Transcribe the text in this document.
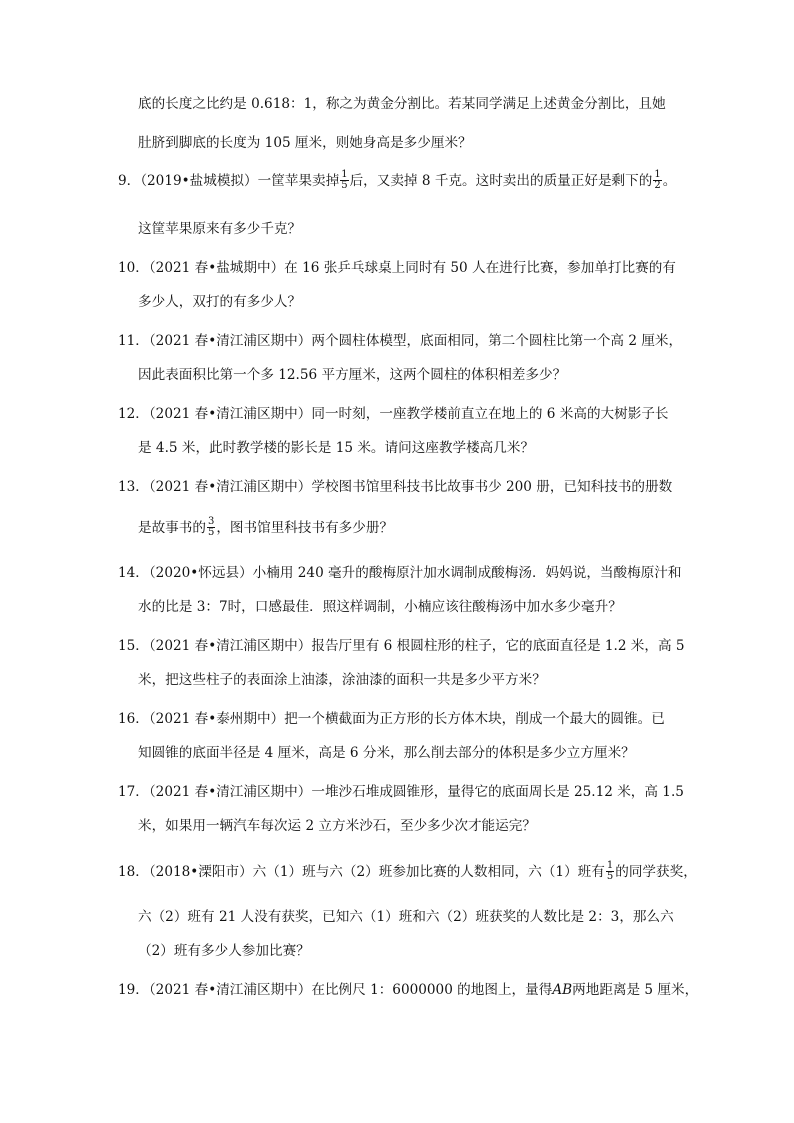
底的长度之比约是 0.618：1，称之为黄金分割比。若某同学满足上述黄金分割比，且她
肚脐到脚底的长度为 105 厘米，则她身高是多少厘米？
9．（2019•盐城模拟）一筐苹果卖掉 $\frac{1}{5}$ 后，又卖掉 8 千克。这时卖出的质量正好是剩下的 $\frac{1}{2}$ 。
这筐苹果原来有多少千克？
10．（2021 春•盐城期中）在 16 张乒乓球桌上同时有 50 人在进行比赛，参加单打比赛的有
多少人，双打的有多少人？
11．（2021 春•清江浦区期中）两个圆柱体模型，底面相同，第二个圆柱比第一个高 2 厘米，
因此表面积比第一个多 12.56 平方厘米，这两个圆柱的体积相差多少？
12．（2021 春•清江浦区期中）同一时刻，一座教学楼前直立在地上的 6 米高的大树影子长
是 4.5 米，此时教学楼的影长是 15 米。请问这座教学楼高几米？
13．（2021 春•清江浦区期中）学校图书馆里科技书比故事书少 200 册，已知科技书的册数
是故事书的 $\frac{3}{5}$ ，图书馆里科技书有多少册？
14．（2020•怀远县）小楠用 240 毫升的酸梅原汁加水调制成酸梅汤．妈妈说，当酸梅原汁和
水的比是 3：7时，口感最佳．照这样调制，小楠应该往酸梅汤中加水多少毫升？
15．（2021 春•清江浦区期中）报告厅里有 6 根圆柱形的柱子，它的底面直径是 1.2 米，高 5
米，把这些柱子的表面涂上油漆，涂油漆的面积一共是多少平方米？
16．（2021 春•泰州期中）把一个横截面为正方形的长方体木块，削成一个最大的圆锥。已
知圆锥的底面半径是 4 厘米，高是 6 分米，那么削去部分的体积是多少立方厘米？
17．（2021 春•清江浦区期中）一堆沙石堆成圆锥形，量得它的底面周长是 25.12 米，高 1.5
米，如果用一辆汽车每次运 2 立方米沙石，至少多少次才能运完？
18．（2018•溧阳市）六（1）班与六（2）班参加比赛的人数相同，六（1）班有 $\frac{1}{5}$ 的同学获奖，
六（2）班有 21 人没有获奖，已知六（1）班和六（2）班获奖的人数比是 2：3，那么六
（2）班有多少人参加比赛？
19．（2021 春•清江浦区期中）在比例尺 1：6000000 的地图上，量得AB两地距离是 5 厘米，
